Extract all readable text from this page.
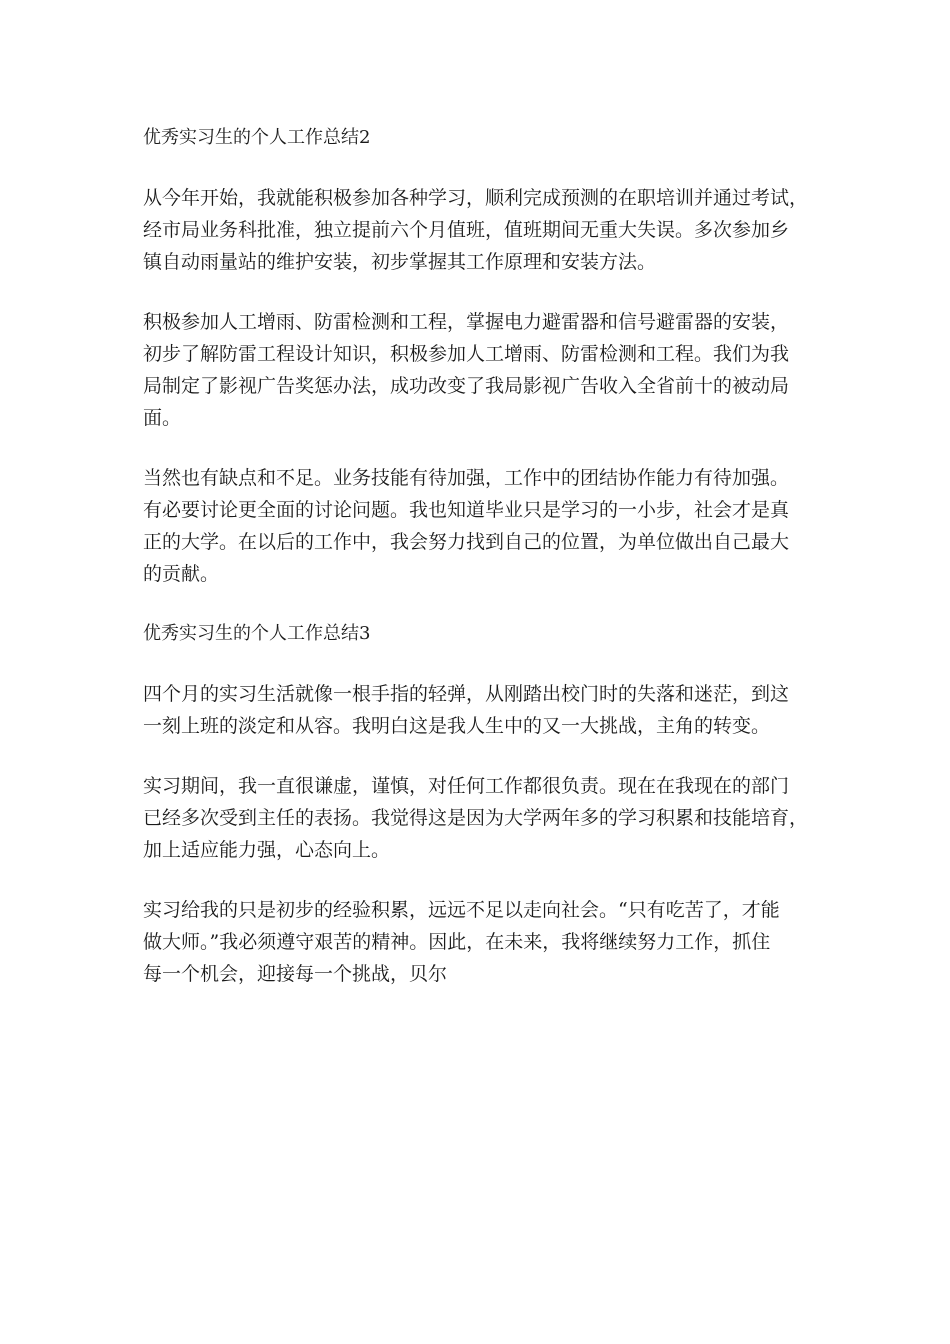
优秀实习生的个人工作总结2
从今年开始，我就能积极参加各种学习，顺利完成预测的在职培训并通过考试，
经市局业务科批准，独立提前六个月值班，值班期间无重大失误。多次参加乡
镇自动雨量站的维护安装，初步掌握其工作原理和安装方法。
积极参加人工增雨、防雷检测和工程，掌握电力避雷器和信号避雷器的安装，
初步了解防雷工程设计知识，积极参加人工增雨、防雷检测和工程。我们为我
局制定了影视广告奖惩办法，成功改变了我局影视广告收入全省前十的被动局
面。
当然也有缺点和不足。业务技能有待加强，工作中的团结协作能力有待加强。
有必要讨论更全面的讨论问题。我也知道毕业只是学习的一小步，社会才是真
正的大学。在以后的工作中，我会努力找到自己的位置，为单位做出自己最大
的贡献。
优秀实习生的个人工作总结3
四个月的实习生活就像一根手指的轻弹，从刚踏出校门时的失落和迷茫，到这
一刻上班的淡定和从容。我明白这是我人生中的又一大挑战，主角的转变。
实习期间，我一直很谦虚，谨慎，对任何工作都很负责。现在在我现在的部门
已经多次受到主任的表扬。我觉得这是因为大学两年多的学习积累和技能培育，
加上适应能力强，心态向上。
实习给我的只是初步的经验积累，远远不足以走向社会。“只有吃苦了，才能
做大师。”我必须遵守艰苦的精神。因此，在未来，我将继续努力工作，抓住
每一个机会，迎接每一个挑战，贝尔
